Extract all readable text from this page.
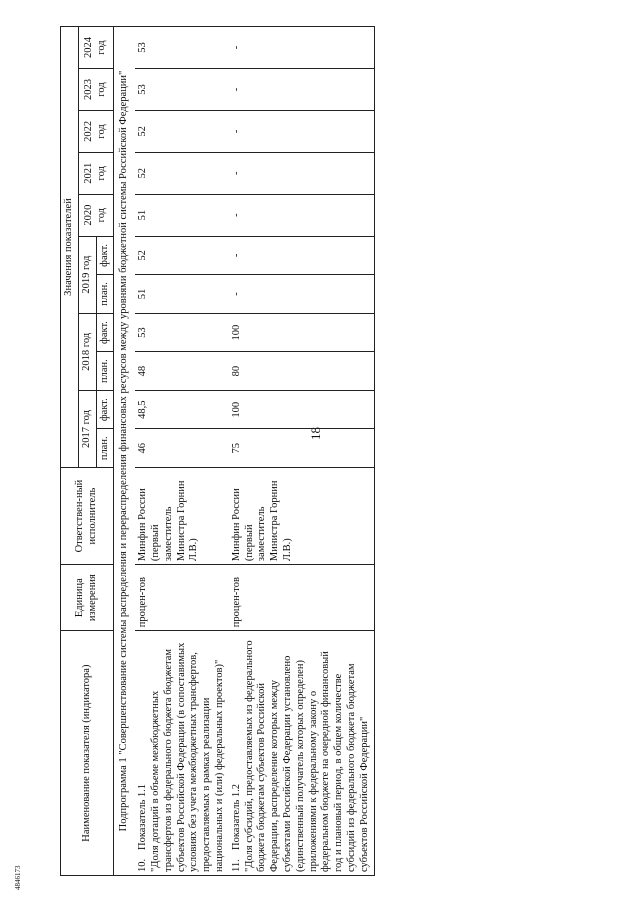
18
Наименование показателя (индикатора)	Единица измерения	Ответствен-ный исполнитель	Значения показателей										
			2017 год		2018 год		2019 год		2020 год	2021 год	2022 год	2023 год	2024 год
			план.	факт.	план.	факт.	план.	факт.					
Подпрограмма 1 "Совершенствование системы распределения и перераспределения финансовых ресурсов между уровнями бюджетной системы Российской Федерации"													
10.Показатель 1.1 "Доля дотаций в объеме межбюджетных трансфертов из федерального бюджета бюджетам субъектов Российской Федерации (в сопоставимых условиях без учета межбюджетных трансфертов, предоставляемых в рамках реализации национальных и (или) федеральных проектов)"	процен-тов	Минфин России (первый заместитель Министра Горнин Л.В.)	46	48,5	48	53	51	52	51	52	52	53	53
11.Показатель 1.2 "Доля субсидий, предоставляемых из федерального бюджета бюджетам субъектов Российской Федерации, распределение которых между субъектами Российской Федерации установлено (единственный получатель которых определен) приложениями к федеральному закону о федеральном бюджете на очередной финансовый год и плановый период, в общем количестве субсидий из федерального бюджета бюджетам субъектов Российской Федерации"	процен-тов	Минфин России (первый заместитель Министра Горнин Л.В.)	75	100	80	100	-	-	-	-	-	-	-
4846173
